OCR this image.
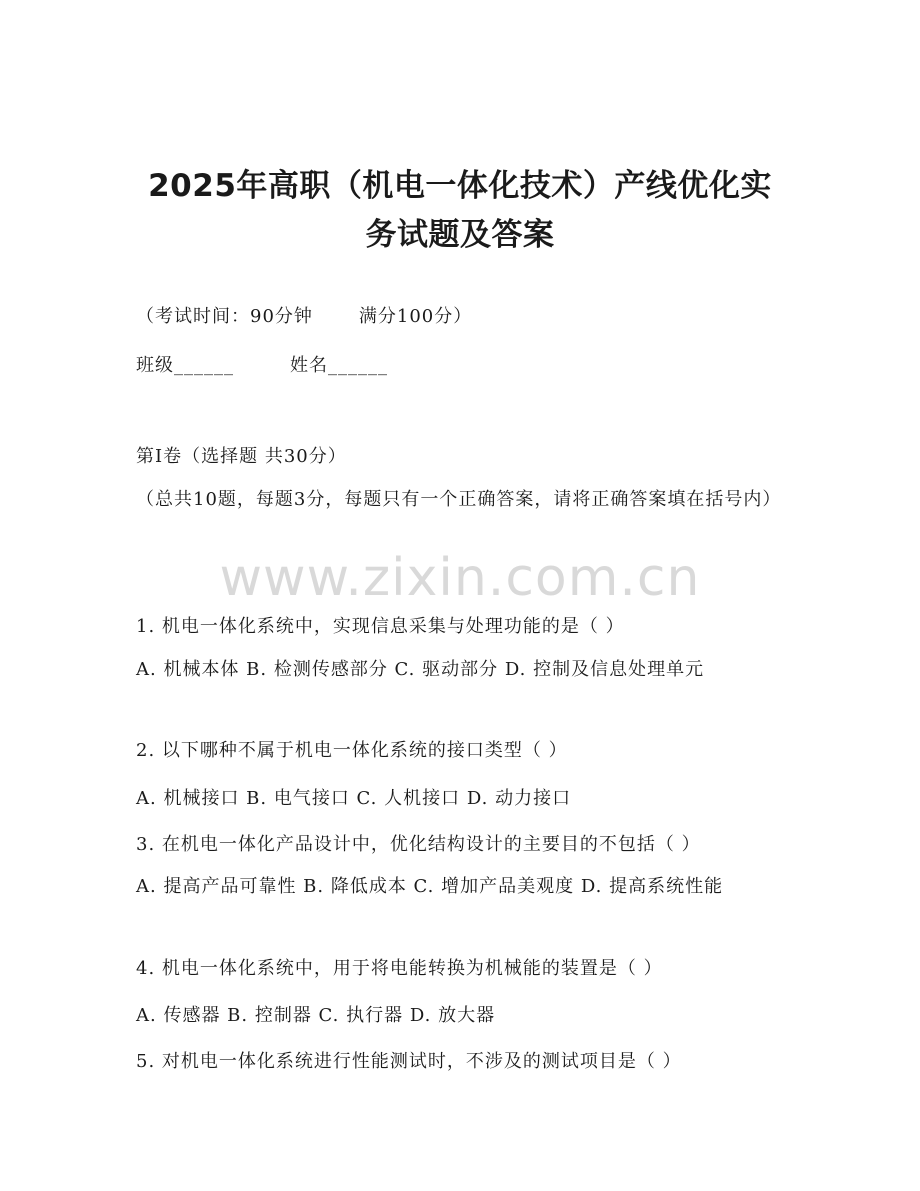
2025年高职（机电一体化技术）产线优化实
务试题及答案
（考试时间：90分钟	满分100分）
班级______	姓名______
第I卷（选择题 共30分）
（总共10题，每题3分，每题只有一个正确答案，请将正确答案填在括号内）
www.zixin.com.cn
1. 机电一体化系统中，实现信息采集与处理功能的是（ ）
A. 机械本体 B. 检测传感部分 C. 驱动部分 D. 控制及信息处理单元
2. 以下哪种不属于机电一体化系统的接口类型（ ）
A. 机械接口 B. 电气接口 C. 人机接口 D. 动力接口
3. 在机电一体化产品设计中，优化结构设计的主要目的不包括（ ）
A. 提高产品可靠性 B. 降低成本 C. 增加产品美观度 D. 提高系统性能
4. 机电一体化系统中，用于将电能转换为机械能的装置是（ ）
A. 传感器 B. 控制器 C. 执行器 D. 放大器
5. 对机电一体化系统进行性能测试时，不涉及的测试项目是（ ）
